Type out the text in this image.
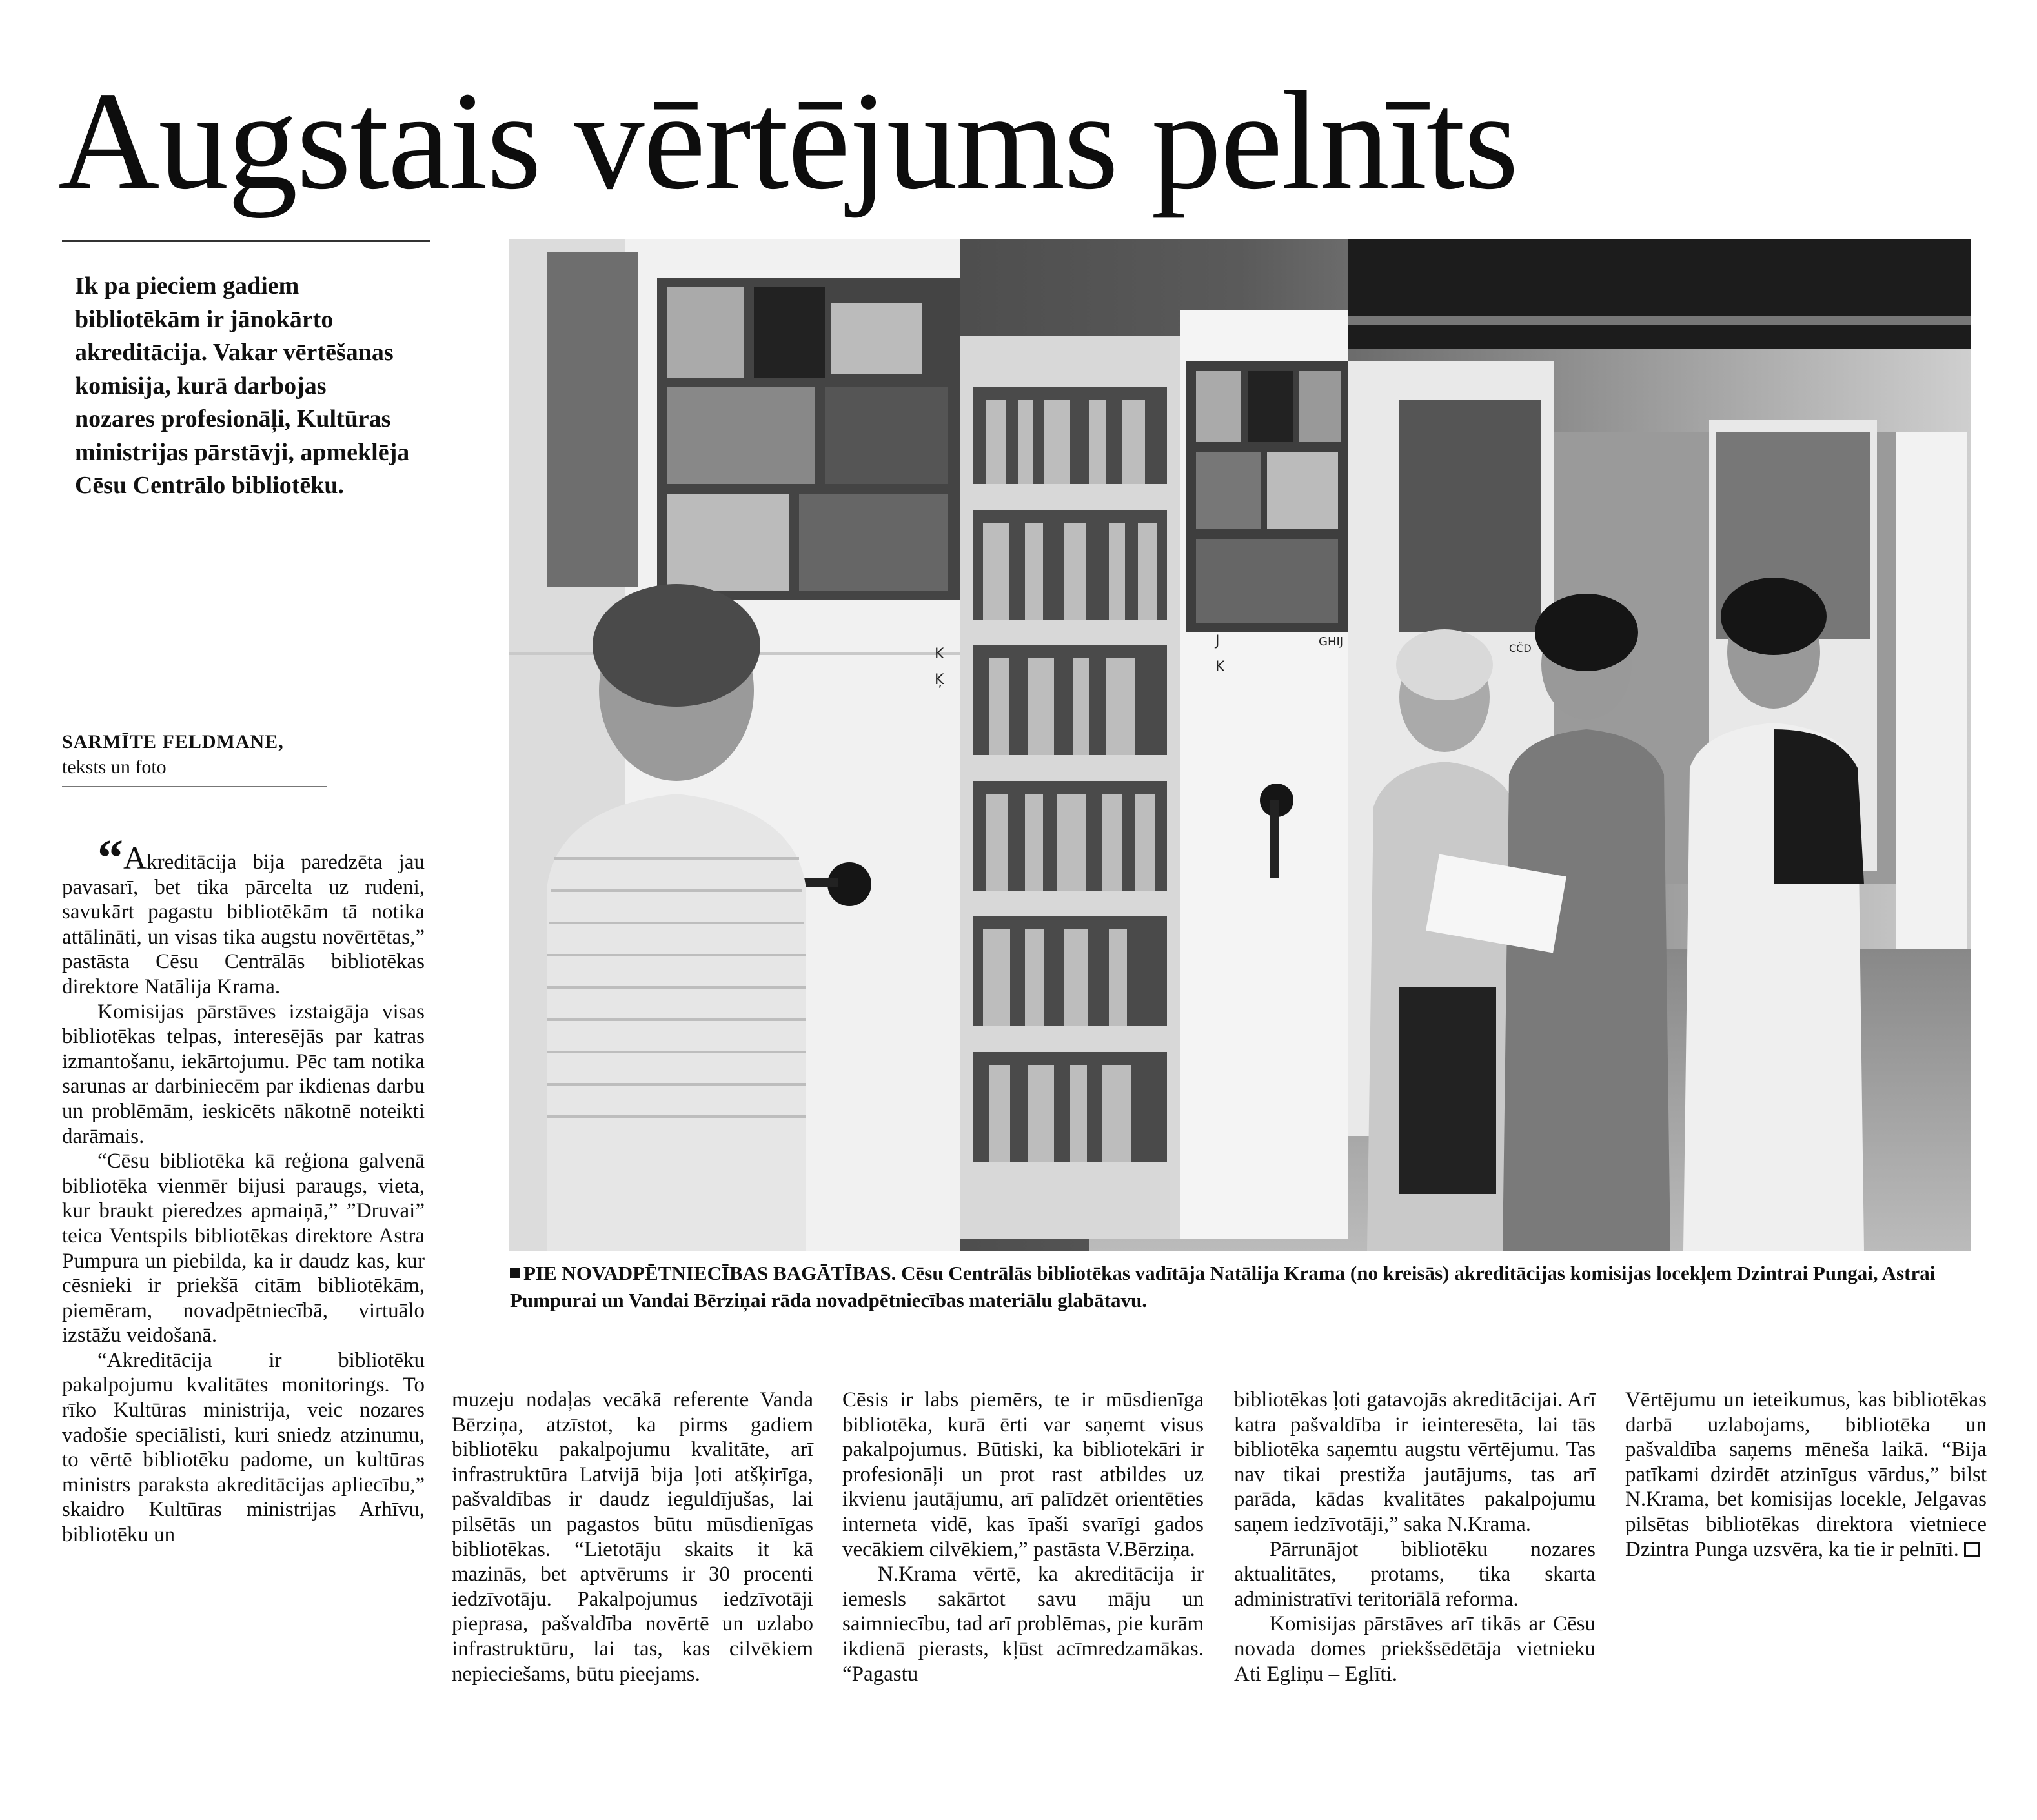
Augstais vērtējums pelnīts

Ik pa pieciem gadiem bibliotēkām ir jānokārto akreditācija. Vakar vērtēšanas komisija, kurā darbojas nozares profesionāļi, Kultūras ministrijas pārstāvji, apmeklēja Cēsu Centrālo bibliotēku.

SARMĪTE FELDMANE,
teksts un foto
K
Ķ
J
K
GHIJ	CČD

PIE NOVADPĒTNIECĪBAS BAGĀTĪBAS. Cēsu Centrālās bibliotēkas vadītāja Natālija Krama (no kreisās) akreditācijas komisijas locekļem Dzintrai Pungai, Astrai Pumpurai un Vandai Bērziņai rāda novadpētniecības materiālu glabātavu.

“Akreditācija bija paredzēta jau pavasarī, bet tika pārcelta uz rudeni, savukārt pagastu bibliotēkām tā notika attālināti, un visas tika augstu novērtētas,” pastāsta Cēsu Centrālās bibliotēkas direktore Natālija Krama.

Komisijas pārstāves izstaigāja visas bibliotēkas telpas, interesējās par katras izmantošanu, iekārtojumu. Pēc tam notika sarunas ar darbiniecēm par ikdienas darbu un problēmām, ieskicēts nākotnē noteikti darāmais.

“Cēsu bibliotēka kā reģiona galvenā bibliotēka vienmēr bijusi paraugs, vieta, kur braukt pieredzes apmaiņā,” ”Druvai” teica Ventspils bibliotēkas direktore Astra Pumpura un piebilda, ka ir daudz kas, kur cēsnieki ir priekšā citām bibliotēkām, piemēram, novadpētniecībā, virtuālo izstāžu veidošanā.

“Akreditācija ir bibliotēku pakalpojumu kvalitātes monitorings. To rīko Kultūras ministrija, veic nozares vadošie speciālisti, kuri sniedz atzinumu, to vērtē bibliotēku padome, un kultūras ministrs paraksta akreditācijas apliecību,” skaidro Kultūras ministrijas Arhīvu, bibliotēku un

muzeju nodaļas vecākā referente Vanda Bērziņa, atzīstot, ka pirms gadiem bibliotēku pakalpojumu kvalitāte, arī infrastruktūra Latvijā bija ļoti atšķirīga, pašvaldības ir daudz ieguldījušas, lai pilsētās un pagastos būtu mūsdienīgas bibliotēkas. “Lietotāju skaits it kā mazinās, bet aptvērums ir 30 procenti iedzīvotāju. Pakalpojumus iedzīvotāji pieprasa, pašvaldība novērtē un uzlabo infrastruktūru, lai tas, kas cilvēkiem nepieciešams, būtu pieejams.

Cēsis ir labs piemērs, te ir mūsdienīga bibliotēka, kurā ērti var saņemt visus pakalpojumus. Būtiski, ka bibliotekāri ir profesionāļi un prot rast atbildes uz ikvienu jautājumu, arī palīdzēt orientēties interneta vidē, kas īpaši svarīgi gados vecākiem cilvēkiem,” pastāsta V.Bērziņa.

N.Krama vērtē, ka akreditācija ir iemesls sakārtot savu māju un saimniecību, tad arī problēmas, pie kurām ikdienā pierasts, kļūst acīmredzamākas. “Pagastu

bibliotēkas ļoti gatavojās akreditācijai. Arī katra pašvaldība ir ieinteresēta, lai tās bibliotēka saņemtu augstu vērtējumu. Tas nav tikai prestiža jautājums, tas arī parāda, kādas kvalitātes pakalpojumu saņem iedzīvotāji,” saka N.Krama.

Pārrunājot bibliotēku nozares aktualitātes, protams, tika skarta administratīvi teritoriālā reforma.

Komisijas pārstāves arī tikās ar Cēsu novada domes priekšsēdētāja vietnieku Ati Egliņu – Eglīti.

Vērtējumu un ieteikumus, kas bibliotēkas darbā uzlabojams, bibliotēka un pašvaldība saņems mēneša laikā. “Bija patīkami dzirdēt atzinīgus vārdus,” bilst N.Krama, bet komisijas locekle, Jelgavas pilsētas bibliotēkas direktora vietniece Dzintra Punga uzsvēra, ka tie ir pelnīti.
